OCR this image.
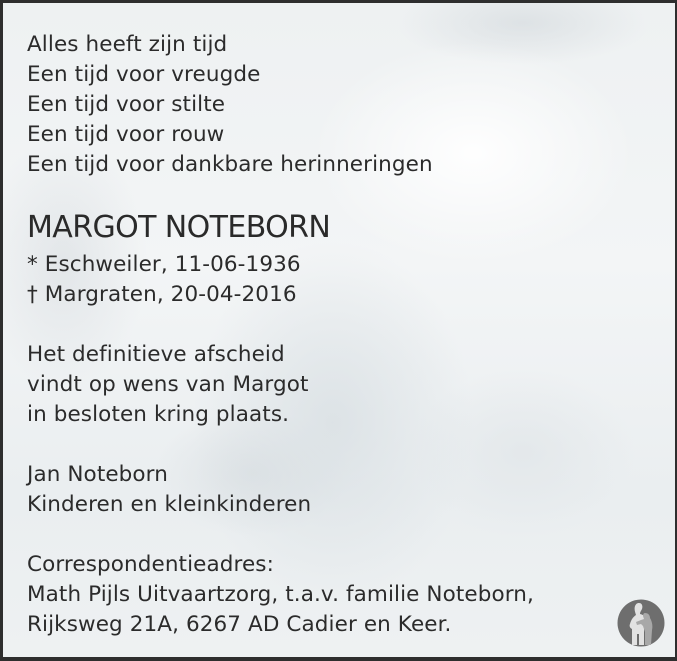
Alles heeft zijn tijd
Een tijd voor vreugde
Een tijd voor stilte
Een tijd voor rouw
Een tijd voor dankbare herinneringen
MARGOT NOTEBORN
* Eschweiler, 11-06-1936
† Margraten, 20-04-2016
Het definitieve afscheid
vindt op wens van Margot
in besloten kring plaats.
Jan Noteborn
Kinderen en kleinkinderen
Correspondentieadres:
Math Pijls Uitvaartzorg, t.a.v. familie Noteborn,
Rijksweg 21A, 6267 AD Cadier en Keer.
